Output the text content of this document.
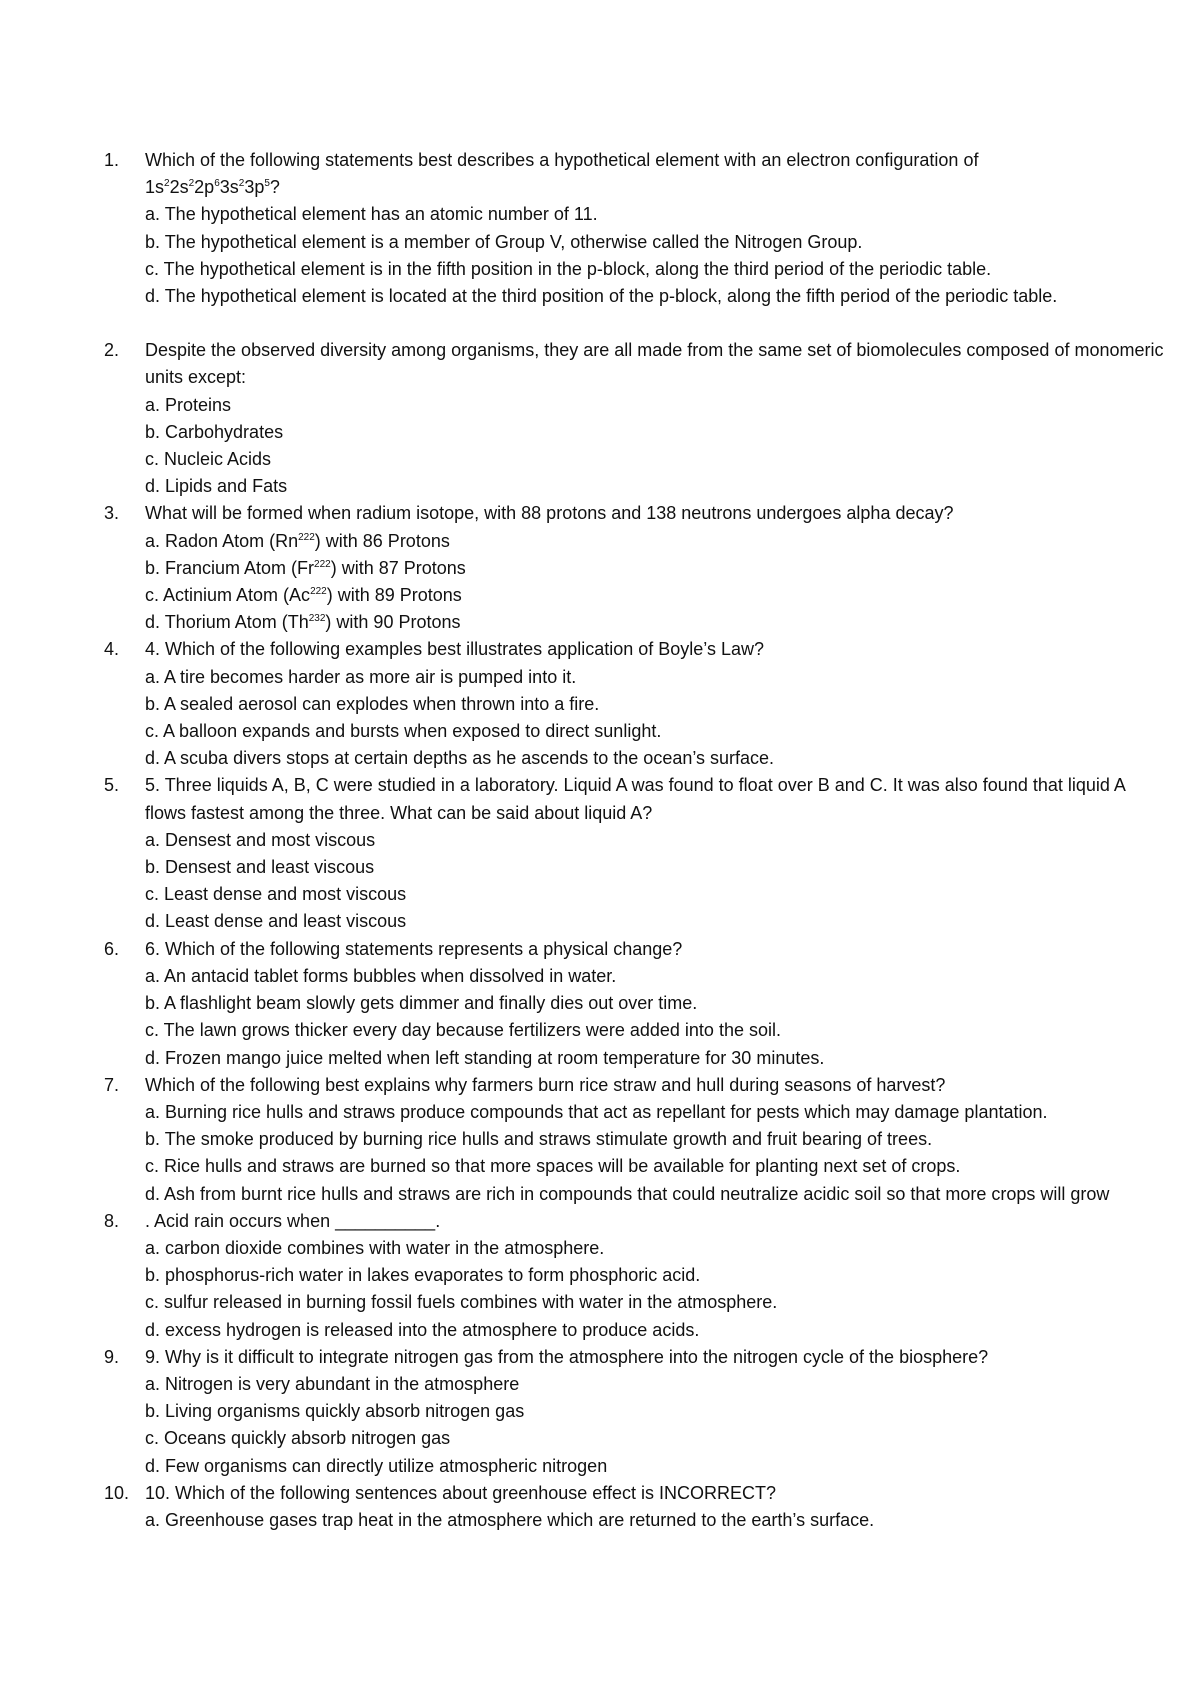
1. Which of the following statements best describes a hypothetical element with an electron configuration of
$1s^22s^22p^63s^23p^5$?
a. The hypothetical element has an atomic number of 11.
b. The hypothetical element is a member of Group V, otherwise called the Nitrogen Group.
c. The hypothetical element is in the fifth position in the p-block, along the third period of the periodic table.
d. The hypothetical element is located at the third position of the p-block, along the fifth period of the periodic table.
2. Despite the observed diversity among organisms, they are all made from the same set of biomolecules composed of monomeric units except:
a. Proteins
b. Carbohydrates
c. Nucleic Acids
d. Lipids and Fats
3. What will be formed when radium isotope, with 88 protons and 138 neutrons undergoes alpha decay?
a. Radon Atom (Rn$^{222}$) with 86 Protons
b. Francium Atom (Fr$^{222}$) with 87 Protons
c. Actinium Atom (Ac$^{222}$) with 89 Protons
d. Thorium Atom (Th$^{232}$) with 90 Protons
4. 4. Which of the following examples best illustrates application of Boyle’s Law?
a. A tire becomes harder as more air is pumped into it.
b. A sealed aerosol can explodes when thrown into a fire.
c. A balloon expands and bursts when exposed to direct sunlight.
d. A scuba divers stops at certain depths as he ascends to the ocean’s surface.
5. 5. Three liquids A, B, C were studied in a laboratory. Liquid A was found to float over B and C. It was also found that liquid A flows fastest among the three. What can be said about liquid A?
a. Densest and most viscous
b. Densest and least viscous
c. Least dense and most viscous
d. Least dense and least viscous
6. 6. Which of the following statements represents a physical change?
a. An antacid tablet forms bubbles when dissolved in water.
b. A flashlight beam slowly gets dimmer and finally dies out over time.
c. The lawn grows thicker every day because fertilizers were added into the soil.
d. Frozen mango juice melted when left standing at room temperature for 30 minutes.
7. Which of the following best explains why farmers burn rice straw and hull during seasons of harvest?
a. Burning rice hulls and straws produce compounds that act as repellant for pests which may damage plantation.
b. The smoke produced by burning rice hulls and straws stimulate growth and fruit bearing of trees.
c. Rice hulls and straws are burned so that more spaces will be available for planting next set of crops.
d. Ash from burnt rice hulls and straws are rich in compounds that could neutralize acidic soil so that more crops will grow
8. . Acid rain occurs when __________.
a. carbon dioxide combines with water in the atmosphere.
b. phosphorus-rich water in lakes evaporates to form phosphoric acid.
c. sulfur released in burning fossil fuels combines with water in the atmosphere.
d. excess hydrogen is released into the atmosphere to produce acids.
9. 9. Why is it difficult to integrate nitrogen gas from the atmosphere into the nitrogen cycle of the biosphere?
a. Nitrogen is very abundant in the atmosphere
b. Living organisms quickly absorb nitrogen gas
c. Oceans quickly absorb nitrogen gas
d. Few organisms can directly utilize atmospheric nitrogen
10. 10. Which of the following sentences about greenhouse effect is INCORRECT?
a. Greenhouse gases trap heat in the atmosphere which are returned to the earth’s surface.
